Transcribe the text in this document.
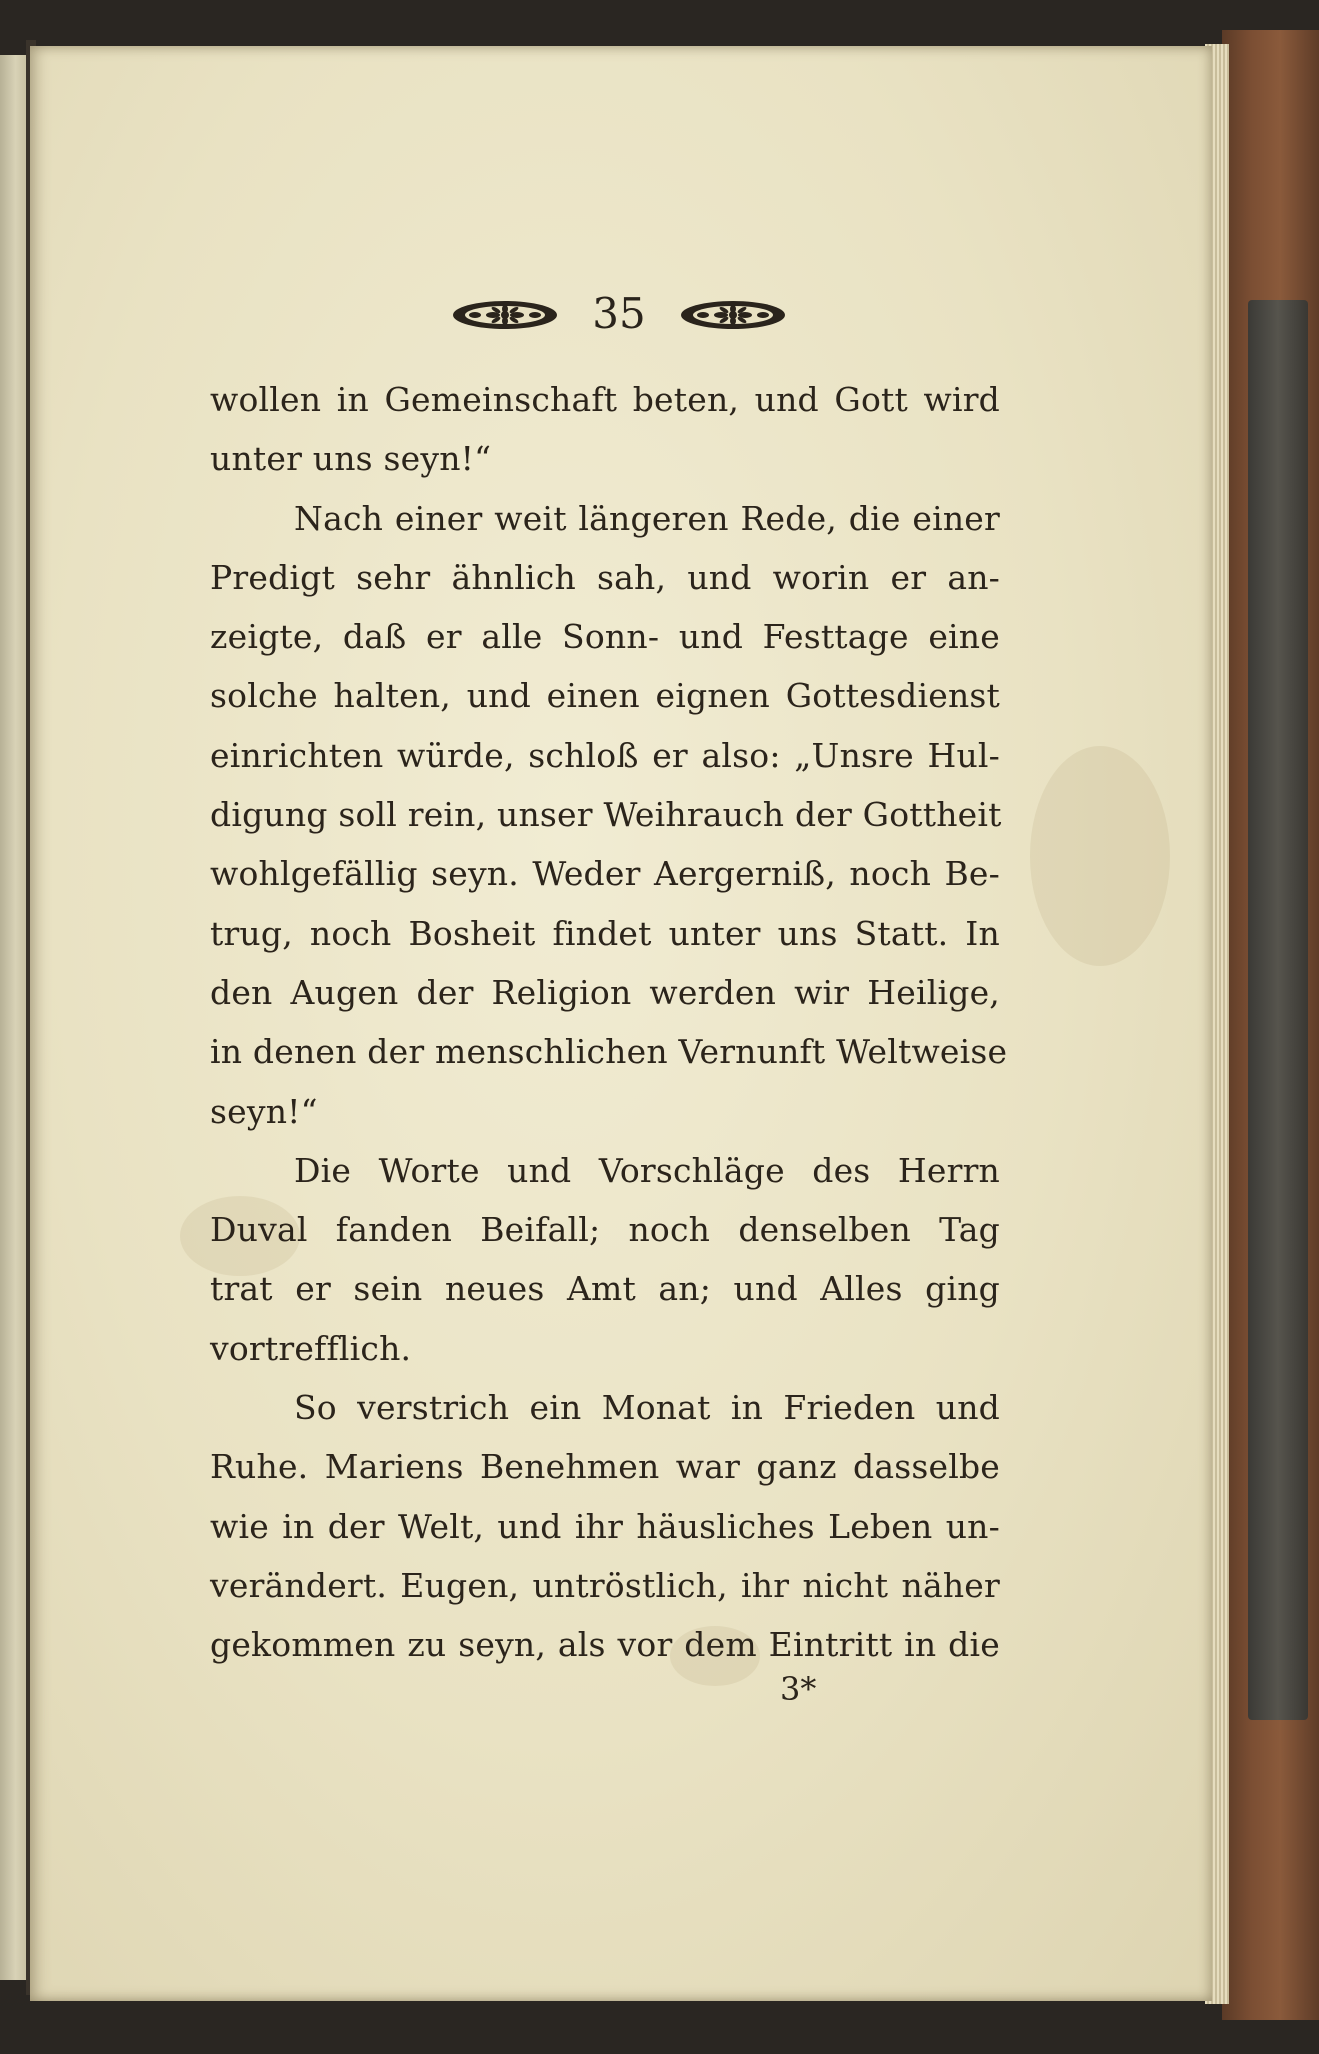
35
wollen in Gemeinschaft beten, und Gott wird
unter uns seyn!“
Nach einer weit längeren Rede, die einer
Predigt sehr ähnlich sah, und worin er an-
zeigte, daß er alle Sonn- und Festtage eine
solche halten, und einen eignen Gottesdienst
einrichten würde, schloß er also: „Unsre Hul-
digung soll rein, unser Weihrauch der Gottheit
wohlgefällig seyn. Weder Aergerniß, noch Be-
trug, noch Bosheit findet unter uns Statt. In
den Augen der Religion werden wir Heilige,
in denen der menschlichen Vernunft Weltweise
seyn!“
Die Worte und Vorschläge des Herrn
Duval fanden Beifall; noch denselben Tag
trat er sein neues Amt an; und Alles ging
vortrefflich.
So verstrich ein Monat in Frieden und
Ruhe. Mariens Benehmen war ganz dasselbe
wie in der Welt, und ihr häusliches Leben un-
verändert. Eugen, untröstlich, ihr nicht näher
gekommen zu seyn, als vor dem Eintritt in die
3*
